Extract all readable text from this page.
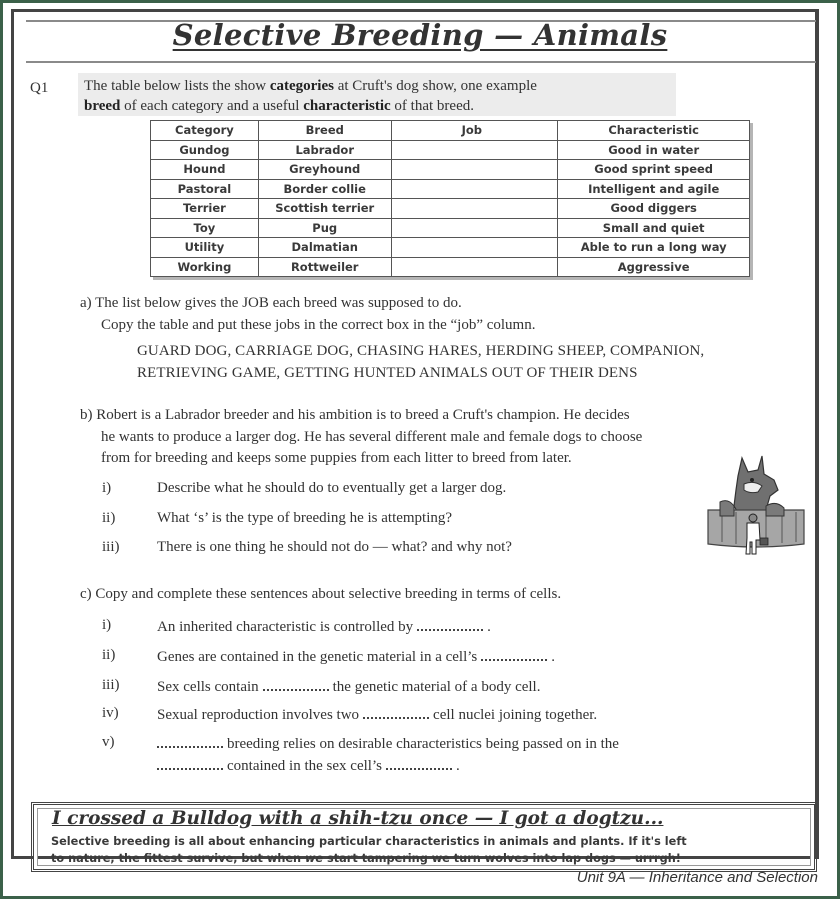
Selective Breeding — Animals
Q1	The table below lists the show categories at Cruft's dog show, one example
breed of each category and a useful characteristic of that breed.
Category	Breed	Job	Characteristic
Gundog	Labrador		Good in water
Hound	Greyhound		Good sprint speed
Pastoral	Border collie		Intelligent and agile
Terrier	Scottish terrier		Good diggers
Toy	Pug		Small and quiet
Utility	Dalmatian		Able to run a long way
Working	Rottweiler		Aggressive
a) The list below gives the JOB each breed was supposed to do.
Copy the table and put these jobs in the correct box in the “job” column.
GUARD DOG, CARRIAGE DOG, CHASING HARES, HERDING SHEEP, COMPANION,
RETRIEVING GAME, GETTING HUNTED ANIMALS OUT OF THEIR DENS
b) Robert is a Labrador breeder and his ambition is to breed a Cruft's champion. He decides
he wants to produce a larger dog. He has several different male and female dogs to choose
from for breeding and keeps some puppies from each litter to breed from later.
i)	Describe what he should do to eventually get a larger dog.
ii)	What ‘s’ is the type of breeding he is attempting?
iii)	There is one thing he should not do — what? and why not?
c) Copy and complete these sentences about selective breeding in terms of cells.
i)	An inherited characteristic is controlled by	.
ii)	Genes are contained in the genetic material in a cell’s	.
iii)	Sex cells contain	the genetic material of a body cell.
iv)	Sexual reproduction involves two	cell nuclei joining together.
v)	breeding relies on desirable characteristics being passed on in the
contained in the sex cell’s	.
I crossed a Bulldog with a shih-tzu once — I got a dogtzu...
Selective breeding is all about enhancing particular characteristics in animals and plants. If it's left
to nature, the fittest survive, but when we start tampering we turn wolves into lap dogs — urrrgh!
Unit 9A — Inheritance and Selection
